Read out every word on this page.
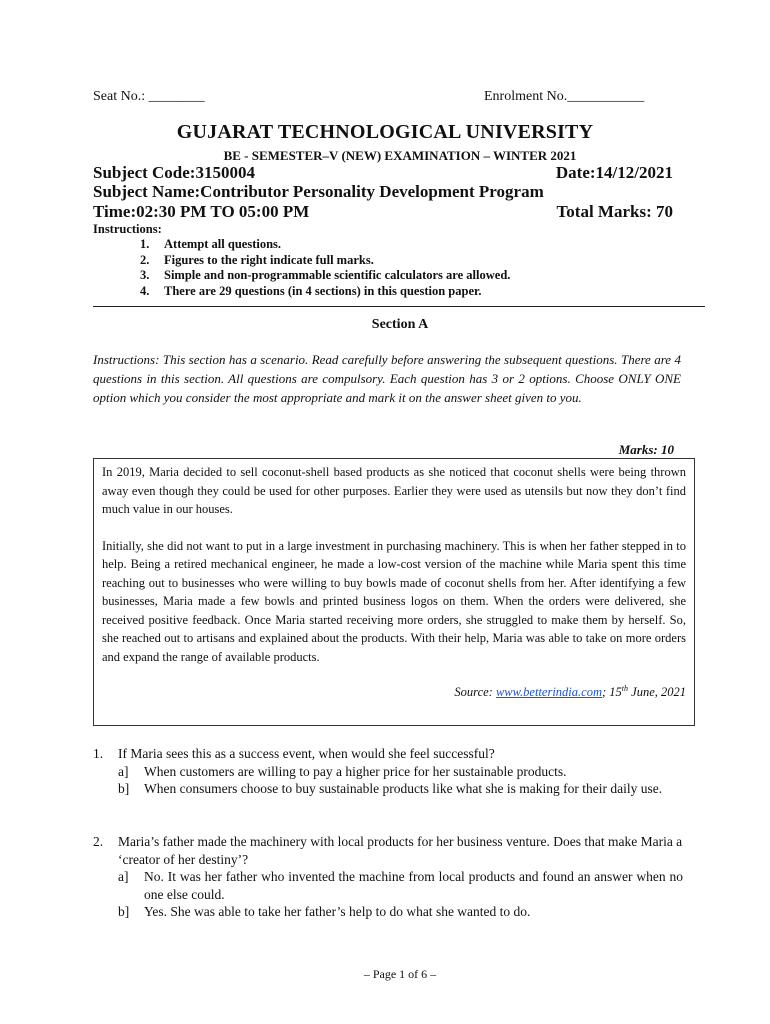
Seat No.: ________	Enrolment No.___________
GUJARAT TECHNOLOGICAL UNIVERSITY
BE - SEMESTER–V (NEW) EXAMINATION – WINTER 2021
Subject Code:3150004	Date:14/12/2021
Subject Name:Contributor Personality Development Program
Time:02:30 PM TO 05:00 PM	Total Marks: 70
Instructions:
1. Attempt all questions.
2. Figures to the right indicate full marks.
3. Simple and non-programmable scientific calculators are allowed.
4. There are 29 questions (in 4 sections) in this question paper.
Section A
Instructions: This section has a scenario. Read carefully before answering the subsequent questions. There are 4 questions in this section. All questions are compulsory. Each question has 3 or 2 options. Choose ONLY ONE option which you consider the most appropriate and mark it on the answer sheet given to you.
Marks: 10

In 2019, Maria decided to sell coconut-shell based products as she noticed that coconut shells were being thrown away even though they could be used for other purposes. Earlier they were used as utensils but now they don’t find much value in our houses.

Initially, she did not want to put in a large investment in purchasing machinery. This is when her father stepped in to help. Being a retired mechanical engineer, he made a low-cost version of the machine while Maria spent this time reaching out to businesses who were willing to buy bowls made of coconut shells from her. After identifying a few businesses, Maria made a few bowls and printed business logos on them. When the orders were delivered, she received positive feedback. Once Maria started receiving more orders, she struggled to make them by herself. So, she reached out to artisans and explained about the products. With their help, Maria was able to take on more orders and expand the range of available products.

Source: www.betterindia.com; 15th June, 2021
1.	If Maria sees this as a success event, when would she feel successful?
a]	When customers are willing to pay a higher price for her sustainable products.
b]	When consumers choose to buy sustainable products like what she is making for their daily use.
2.	Maria’s father made the machinery with local products for her business venture. Does that make Maria a ‘creator of her destiny’?
a]	No. It was her father who invented the machine from local products and found an answer when no one else could.
b]	Yes. She was able to take her father’s help to do what she wanted to do.
– Page 1 of 6 –
